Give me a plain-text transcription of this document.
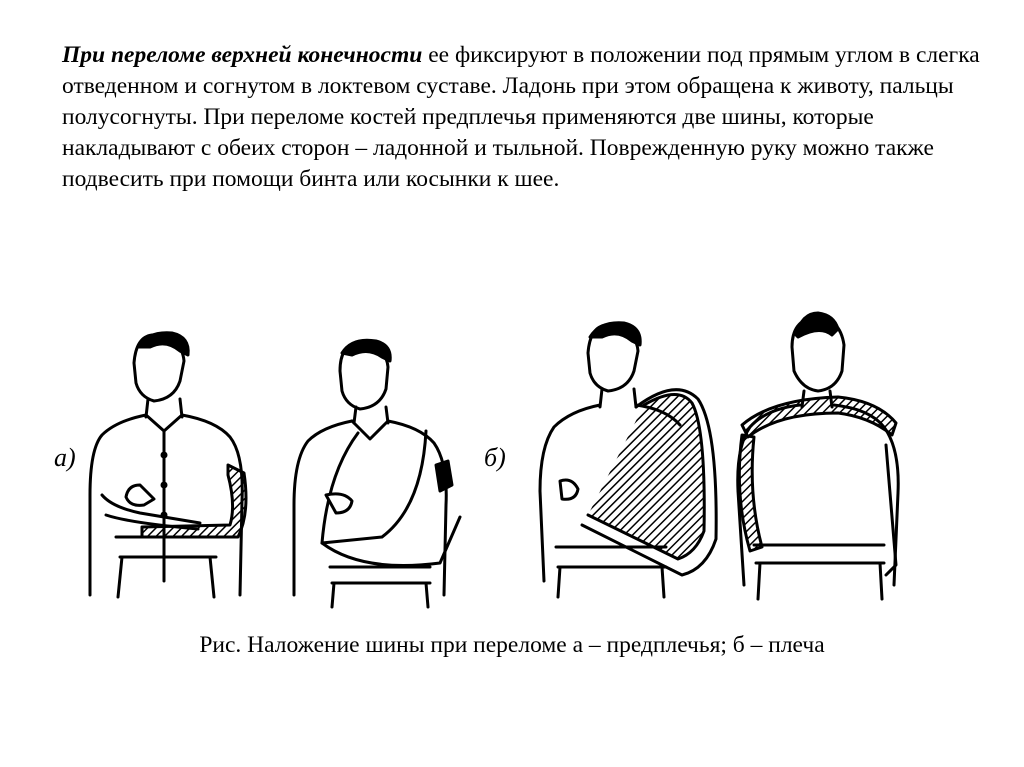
При переломе верхней конечности ее фиксируют в положении под прямым углом в слегка отведенном и согнутом в локтевом суставе. Ладонь при этом обращена к животу, пальцы полусогнуты. При переломе костей предплечья применяются две шины, которые накладывают с обеих сторон – ладонной и тыльной. Поврежденную руку можно также подвесить при помощи бинта или косынки к шее.

а)	б)

Рис. Наложение шины при переломе а – предплечья; б – плеча
